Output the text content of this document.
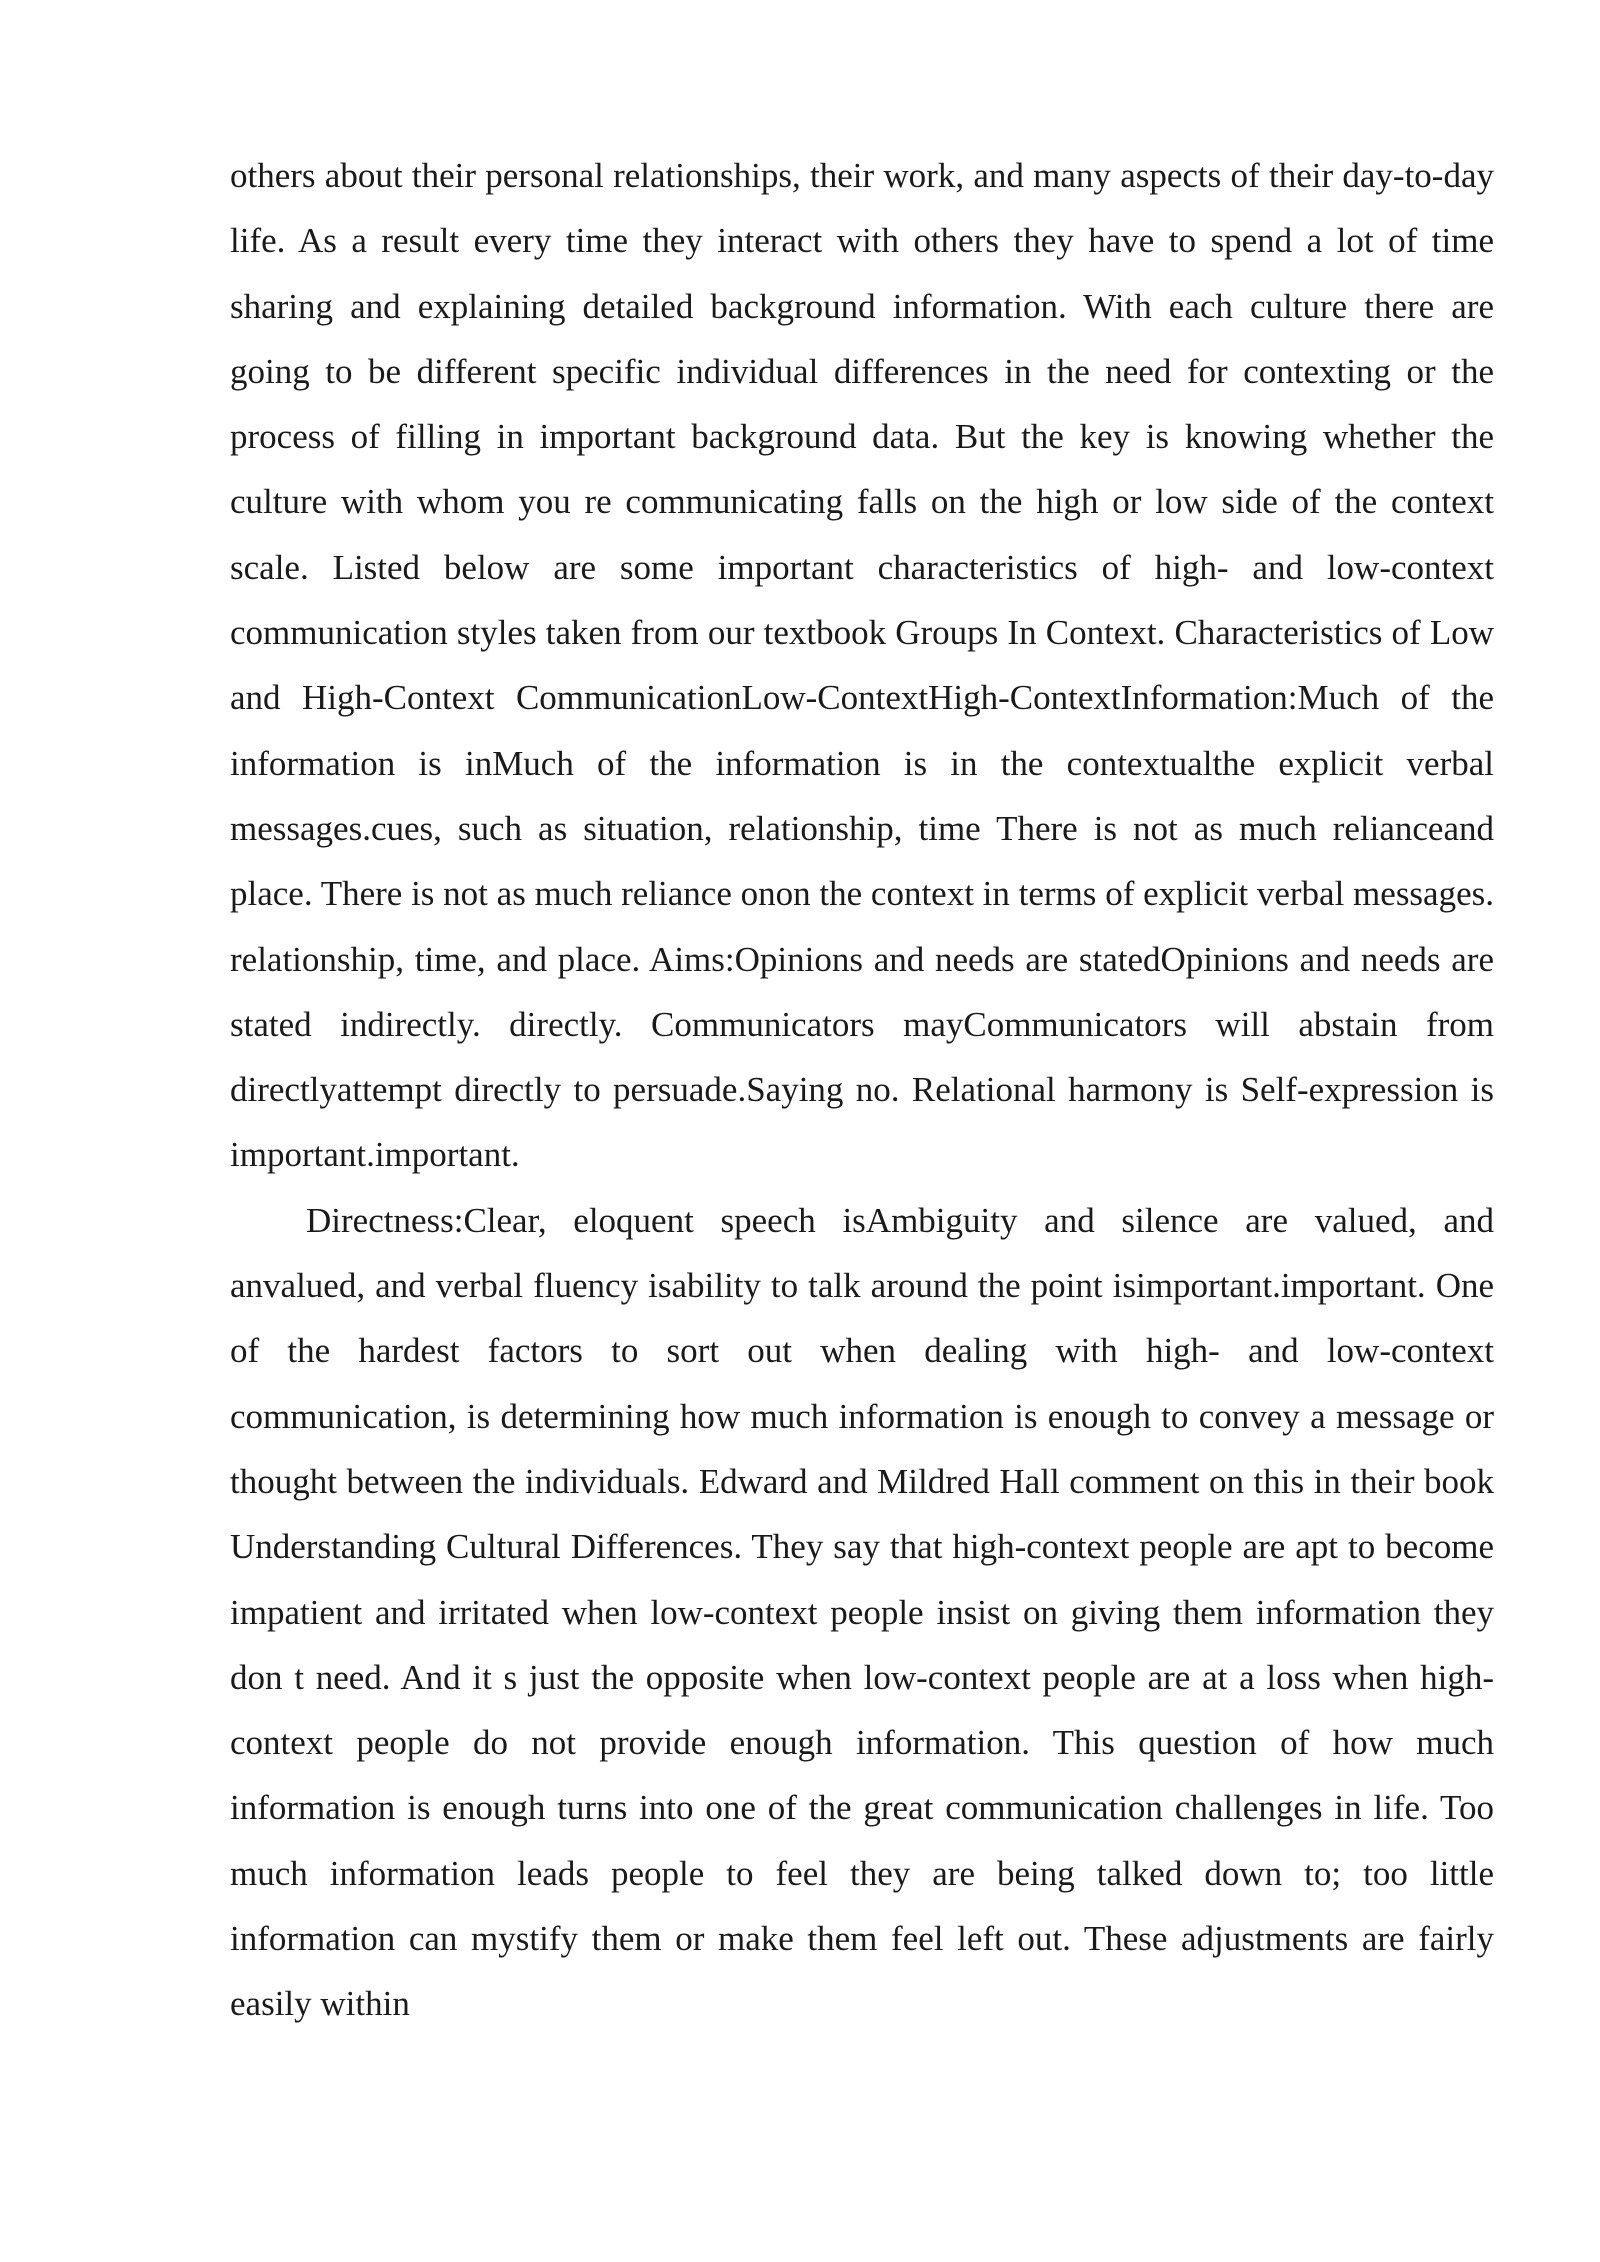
others about their personal relationships, their work, and many aspects of their day-to-day life. As a result every time they interact with others they have to spend a lot of time sharing and explaining detailed background information. With each culture there are going to be different specific individual differences in the need for contexting or the process of filling in important background data. But the key is knowing whether the culture with whom you re communicating falls on the high or low side of the context scale. Listed below are some important characteristics of high- and low-context communication styles taken from our textbook Groups In Context. Characteristics of Low and High-Context CommunicationLow-ContextHigh-ContextInformation:Much of the information is inMuch of the information is in the contextualthe explicit verbal messages.cues, such as situation, relationship, time There is not as much relianceand place. There is not as much reliance onon the context in terms of explicit verbal messages. relationship, time, and place. Aims:Opinions and needs are statedOpinions and needs are stated indirectly. directly. Communicators mayCommunicators will abstain from directlyattempt directly to persuade.Saying no. Relational harmony is Self-expression is important.important.

Directness:Clear, eloquent speech isAmbiguity and silence are valued, and anvalued, and verbal fluency isability to talk around the point isimportant.important. One of the hardest factors to sort out when dealing with high- and low-context communication, is determining how much information is enough to convey a message or thought between the individuals. Edward and Mildred Hall comment on this in their book Understanding Cultural Differences. They say that high-context people are apt to become impatient and irritated when low-context people insist on giving them information they don t need. And it s just the opposite when low-context people are at a loss when high-context people do not provide enough information. This question of how much information is enough turns into one of the great communication challenges in life. Too much information leads people to feel they are being talked down to; too little information can mystify them or make them feel left out. These adjustments are fairly easily within
